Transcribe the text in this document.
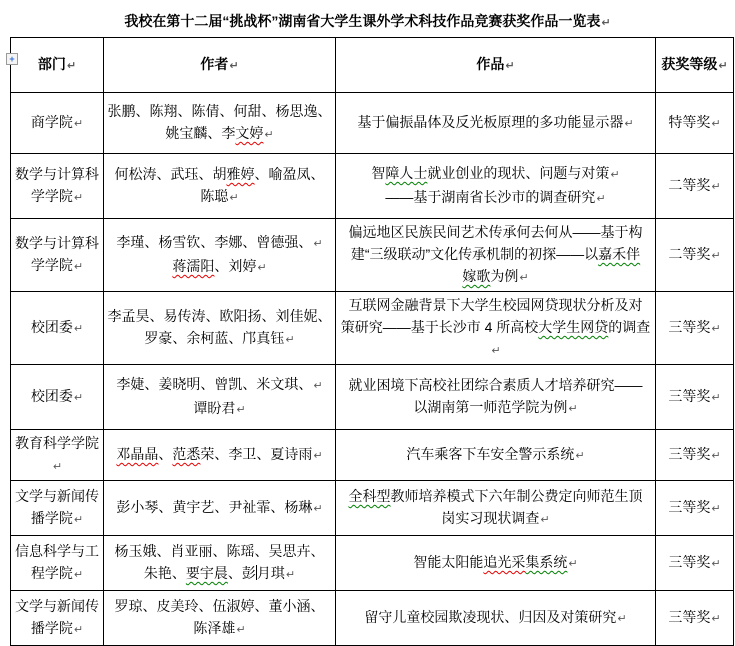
我校在第十二届“挑战杯”湖南省大学生课外学术科技作品竞赛获奖作品一览表↵
+ 部门↵	作者↵	作品↵	获奖等级↵
商学院↵	张鹏、陈翔、陈倩、何甜、杨思逸、
姚宝麟、李文婷↵	基于偏振晶体及反光板原理的多功能显示器↵	特等奖↵
数学与计算科
学学院↵	何松涛、武珏、胡雅婷、喻盈凤、
陈聪↵	智障人士就业创业的现状、问题与对策↵
——基于湖南省长沙市的调查研究↵	二等奖↵
数学与计算科
学学院↵	李瑾、杨雪钦、李娜、曾德强、↵
蒋濡阳、刘婷↵	偏远地区民族民间艺术传承何去何从——基于构
建“三级联动”文化传承机制的初探——以嘉禾伴
嫁歌为例↵	二等奖↵
校团委↵	李孟昊、易传涛、欧阳扬、刘佳妮、
罗豪、余柯蓝、邝真钰↵	互联网金融背景下大学生校园网贷现状分析及对
策研究——基于长沙市 4 所高校大学生网贷的调查↵	三等奖↵
校团委↵	李婕、姜晓明、曾凯、米文琪、↵
谭盼君↵	就业困境下高校社团综合素质人才培养研究——
以湖南第一师范学院为例↵	三等奖↵
教育科学学院↵	邓晶晶、范悉荣、李卫、夏诗雨↵	汽车乘客下车安全警示系统↵	三等奖↵
文学与新闻传
播学院↵	彭小琴、黄宇艺、尹祉霏、杨琳↵	全科型教师培养模式下六年制公费定向师范生顶
岗实习现状调查↵	三等奖↵
信息科学与工
程学院↵	杨玉娥、肖亚丽、陈瑶、吴思卉、
朱艳、要宇晨、彭月琪↵	智能太阳能追光采集系统↵	三等奖↵
文学与新闻传
播学院↵	罗琼、皮美玲、伍淑婷、董小涵、
陈泽雄↵	留守儿童校园欺凌现状、归因及对策研究↵	三等奖↵
